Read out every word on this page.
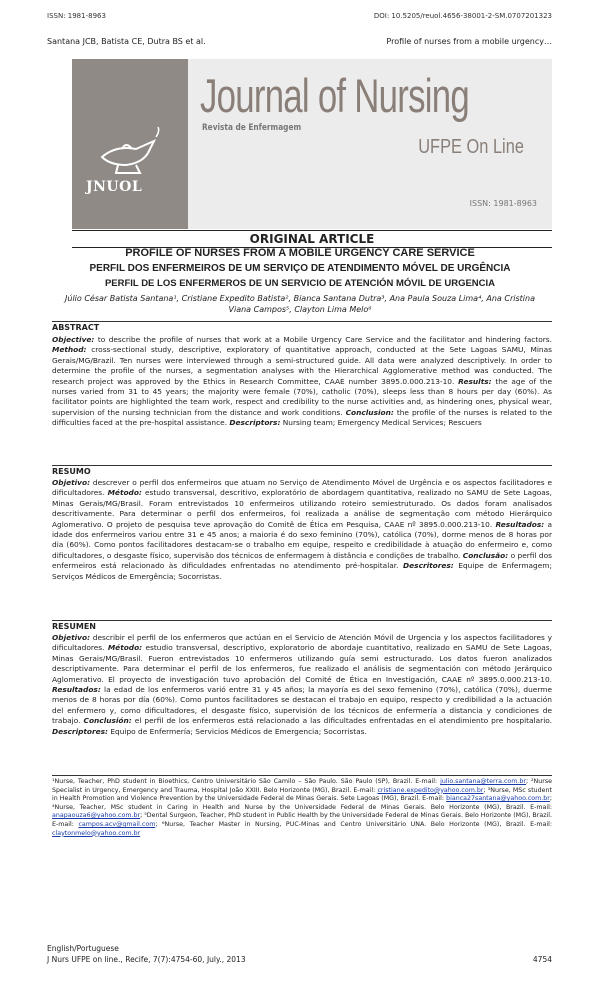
ISSN: 1981-8963	DOI: 10.5205/reuol.4656-38001-2-SM.0707201323
Santana JCB, Batista CE, Dutra BS et al.	Profile of nurses from a mobile urgency…
JNUOL
Journal of Nursing
Revista de Enfermagem
UFPE On Line
ISSN: 1981-8963
ORIGINAL ARTICLE
PROFILE OF NURSES FROM A MOBILE URGENCY CARE SERVICE
PERFIL DOS ENFERMEIROS DE UM SERVIÇO DE ATENDIMENTO MÓVEL DE URGÊNCIA
PERFIL DE LOS ENFERMEROS DE UN SERVICIO DE ATENCIÓN MÓVIL DE URGENCIA
Júlio César Batista Santana¹, Cristiane Expedito Batista², Bianca Santana Dutra³, Ana Paula Souza Lima⁴, Ana Cristina Viana Campos⁵, Clayton Lima Melo⁶
ABSTRACT
Objective: to describe the profile of nurses that work at a Mobile Urgency Care Service and the facilitator and hindering factors. Method: cross-sectional study, descriptive, exploratory of quantitative approach, conducted at the Sete Lagoas SAMU, Minas Gerais/MG/Brazil. Ten nurses were interviewed through a semi-structured guide. All data were analyzed descriptively. In order to determine the profile of the nurses, a segmentation analyses with the Hierarchical Agglomerative method was conducted. The research project was approved by the Ethics in Research Committee, CAAE number 3895.0.000.213-10. Results: the age of the nurses varied from 31 to 45 years; the majority were female (70%), catholic (70%), sleeps less than 8 hours per day (60%). As facilitator points are highlighted the team work, respect and credibility to the nurse activities and, as hindering ones, physical wear, supervision of the nursing technician from the distance and work conditions. Conclusion: the profile of the nurses is related to the difficulties faced at the pre-hospital assistance. Descriptors: Nursing team; Emergency Medical Services; Rescuers
RESUMO
Objetivo: descrever o perfil dos enfermeiros que atuam no Serviço de Atendimento Móvel de Urgência e os aspectos facilitadores e dificultadores. Método: estudo transversal, descritivo, exploratório de abordagem quantitativa, realizado no SAMU de Sete Lagoas, Minas Gerais/MG/Brasil. Foram entrevistados 10 enfermeiros utilizando roteiro semiestruturado. Os dados foram analisados descritivamente. Para determinar o perfil dos enfermeiros, foi realizada a análise de segmentação com método Hierárquico Aglomerativo. O projeto de pesquisa teve aprovação do Comitê de Ética em Pesquisa, CAAE nº 3895.0.000.213-10. Resultados: a idade dos enfermeiros variou entre 31 e 45 anos; a maioria é do sexo feminino (70%), católica (70%), dorme menos de 8 horas por dia (60%). Como pontos facilitadores destacam-se o trabalho em equipe, respeito e credibilidade à atuação do enfermeiro e, como dificultadores, o desgaste físico, supervisão dos técnicos de enfermagem à distância e condições de trabalho. Conclusão: o perfil dos enfermeiros está relacionado às dificuldades enfrentadas no atendimento pré-hospitalar. Descritores: Equipe de Enfermagem; Serviços Médicos de Emergência; Socorristas.
RESUMEN
Objetivo: describir el perfil de los enfermeros que actúan en el Servicio de Atención Móvil de Urgencia y los aspectos facilitadores y dificultadores. Método: estudio transversal, descriptivo, exploratorio de abordaje cuantitativo, realizado en SAMU de Sete Lagoas, Minas Gerais/MG/Brasil. Fueron entrevistados 10 enfermeros utilizando guía semi estructurado. Los datos fueron analizados descriptivamente. Para determinar el perfil de los enfermeros, fue realizado el análisis de segmentación con método Jerárquico Aglomerativo. El proyecto de investigación tuvo aprobación del Comité de Ética en Investigación, CAAE nº 3895.0.000.213-10. Resultados: la edad de los enfermeros varió entre 31 y 45 años; la mayoría es del sexo femenino (70%), católica (70%), duerme menos de 8 horas por día (60%). Como puntos facilitadores se destacan el trabajo en equipo, respecto y credibilidad a la actuación del enfermero y, como dificultadores, el desgaste físico, supervisión de los técnicos de enfermería a distancia y condiciones de trabajo. Conclusión: el perfil de los enfermeros está relacionado a las dificultades enfrentadas en el atendimiento pre hospitalario. Descriptores: Equipo de Enfermería; Servicios Médicos de Emergencia; Socorristas.
¹Nurse, Teacher, PhD student in Bioethics, Centro Universitário São Camilo – São Paulo. São Paulo (SP), Brazil. E-mail: julio.santana@terra.com.br; ²Nurse Specialist in Urgency, Emergency and Trauma, Hospital João XXIII. Belo Horizonte (MG), Brazil. E-mail: cristiane.expedito@yahoo.com.br; ³Nurse, MSc student in Health Promotion and Violence Prevention by the Universidade Federal de Minas Gerais. Sete Lagoas (MG), Brazil. E-mail: bianca27santana@yahoo.com.br; ⁴Nurse, Teacher, MSc student in Caring in Health and Nurse by the Universidade Federal de Minas Gerais. Belo Horizonte (MG), Brazil. E-mail: anapaouza6@yahoo.com.br; ⁵Dental Surgeon, Teacher, PhD student in Public Health by the Universidade Federal de Minas Gerais. Belo Horizonte (MG), Brazil. E-mail: campos.acv@gmail.com; ⁶Nurse, Teacher Master in Nursing, PUC-Minas and Centro Universitário UNA. Belo Horizonte (MG), Brazil. E-mail: claytonmelo@yahoo.com.br
English/Portuguese
J Nurs UFPE on line., Recife, 7(7):4754-60, July., 2013	4754
